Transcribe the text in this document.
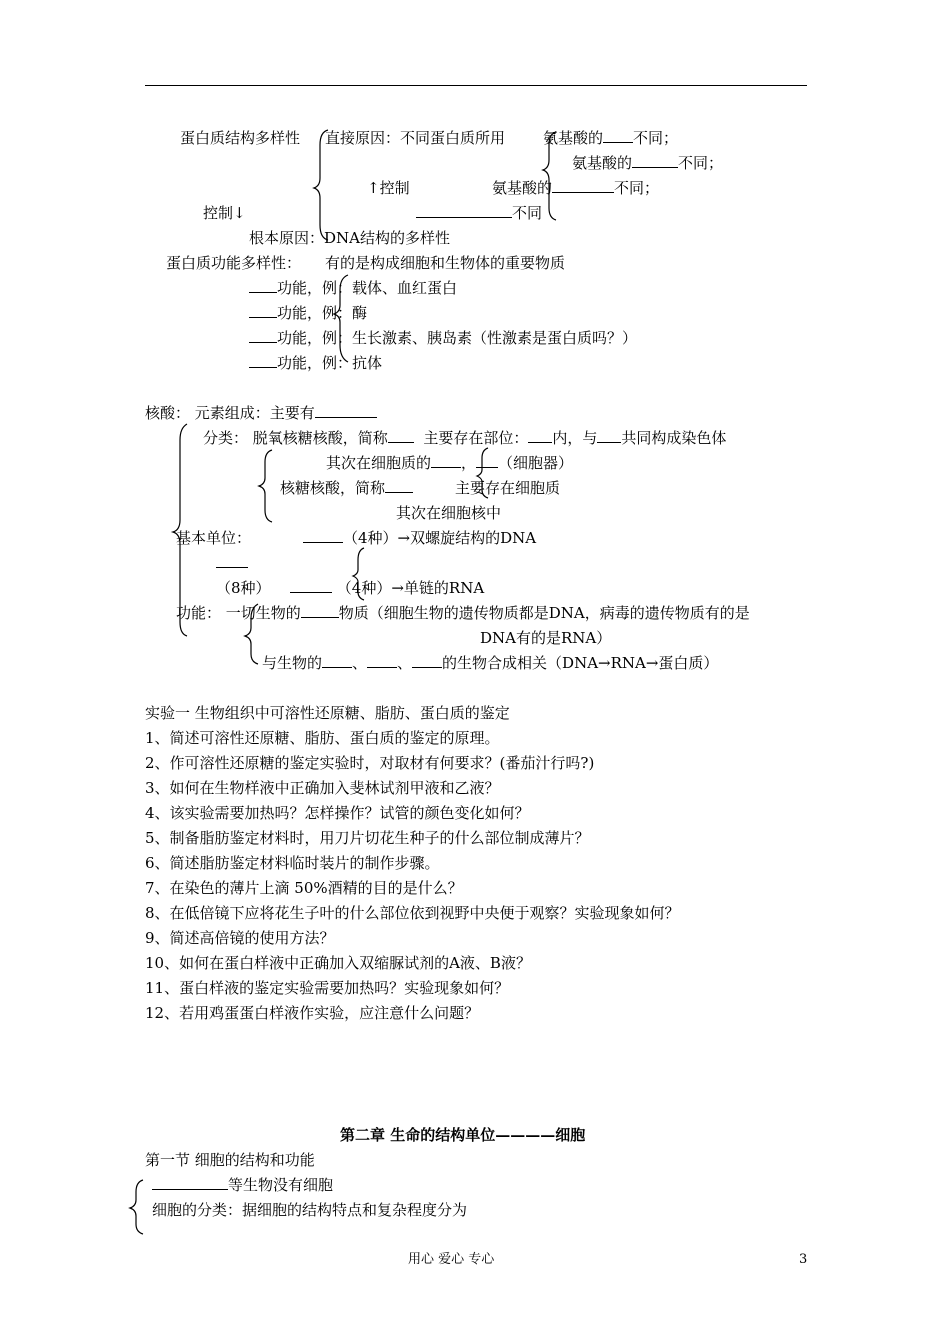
蛋白质结构多样性 直接原因：不同蛋白质所用	氨基酸的 不同；
氨基酸的	不同；
↑控制	氨基酸的	不同；
控制↓	不同
根本原因：DNA结构的多样性
蛋白质功能多样性： 有的是构成细胞和生物体的重要物质
功能，例：载体、血红蛋白
功能，例：酶
功能，例：生长激素、胰岛素（性激素是蛋白质吗？）
功能，例：抗体
核酸： 元素组成：主要有
分类： 脱氧核糖核酸，简称 主要存在部位： 内，与 共同构成染色体
其次在细胞质的 ， （细胞器）
核糖核酸，简称	主要存在细胞质
其次在细胞核中
基本单位：	（4种）→双螺旋结构的DNA
（8种）	（4种）→单链的RNA
功能： 一切生物的	物质（细胞生物的遗传物质都是DNA，病毒的遗传物质有的是
DNA有的是RNA）
与生物的 、 、 的生物合成相关（DNA→RNA→蛋白质）
实验一 生物组织中可溶性还原糖、脂肪、蛋白质的鉴定
1、简述可溶性还原糖、脂肪、蛋白质的鉴定的原理。
2、作可溶性还原糖的鉴定实验时，对取材有何要求？(番茄汁行吗?)
3、如何在生物样液中正确加入斐林试剂甲液和乙液？
4、该实验需要加热吗？怎样操作？试管的颜色变化如何？
5、制备脂肪鉴定材料时，用刀片切花生种子的什么部位制成薄片？
6、简述脂肪鉴定材料临时装片的制作步骤。
7、在染色的薄片上滴 50%酒精的目的是什么？
8、在低倍镜下应将花生子叶的什么部位依到视野中央便于观察？实验现象如何？
9、简述高倍镜的使用方法？
10、如何在蛋白样液中正确加入双缩脲试剂的A液、B液？
11、蛋白样液的鉴定实验需要加热吗？实验现象如何？
12、若用鸡蛋蛋白样液作实验，应注意什么问题？
第二章 生命的结构单位————细胞
第一节 细胞的结构和功能
等生物没有细胞
细胞的分类：据细胞的结构特点和复杂程度分为
用心 爱心 专心	3
